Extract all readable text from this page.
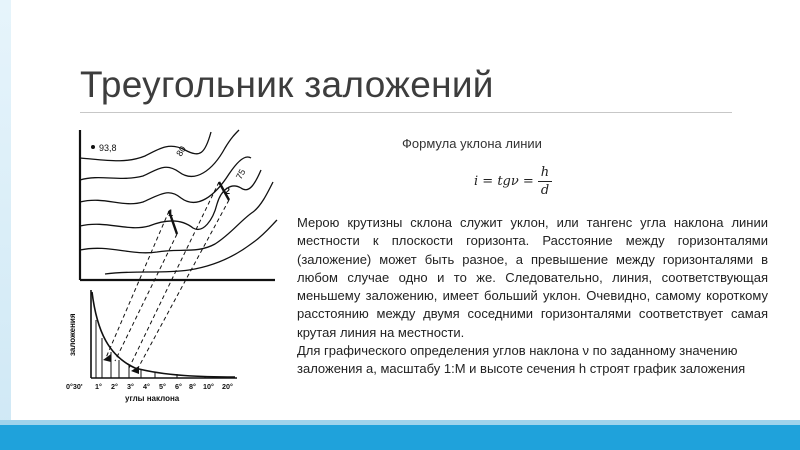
Треугольник заложений
93,8	80
75
1
2
заложения
0°30' 1° 2° 3° 4° 5° 6° 8° 10° 20°
углы наклона
Формула уклона линии
$i = tg\nu = \frac{h}{d}$

Мерою крутизны склона служит уклон, или тангенс угла наклона линии местности к плоскости горизонта. Расстояние между горизонталями (заложение) может быть разное, а превышение между горизонталями в любом случае одно и то же. Следовательно, линия, соответствующая меньшему заложению, имеет больший уклон. Очевидно, самому короткому расстоянию между двумя соседними горизонталями соответствует самая крутая линия на местности.

Для графического определения углов наклона ν по заданному значению заложения а, масштабу 1:М и высоте сечения h строят график заложения
